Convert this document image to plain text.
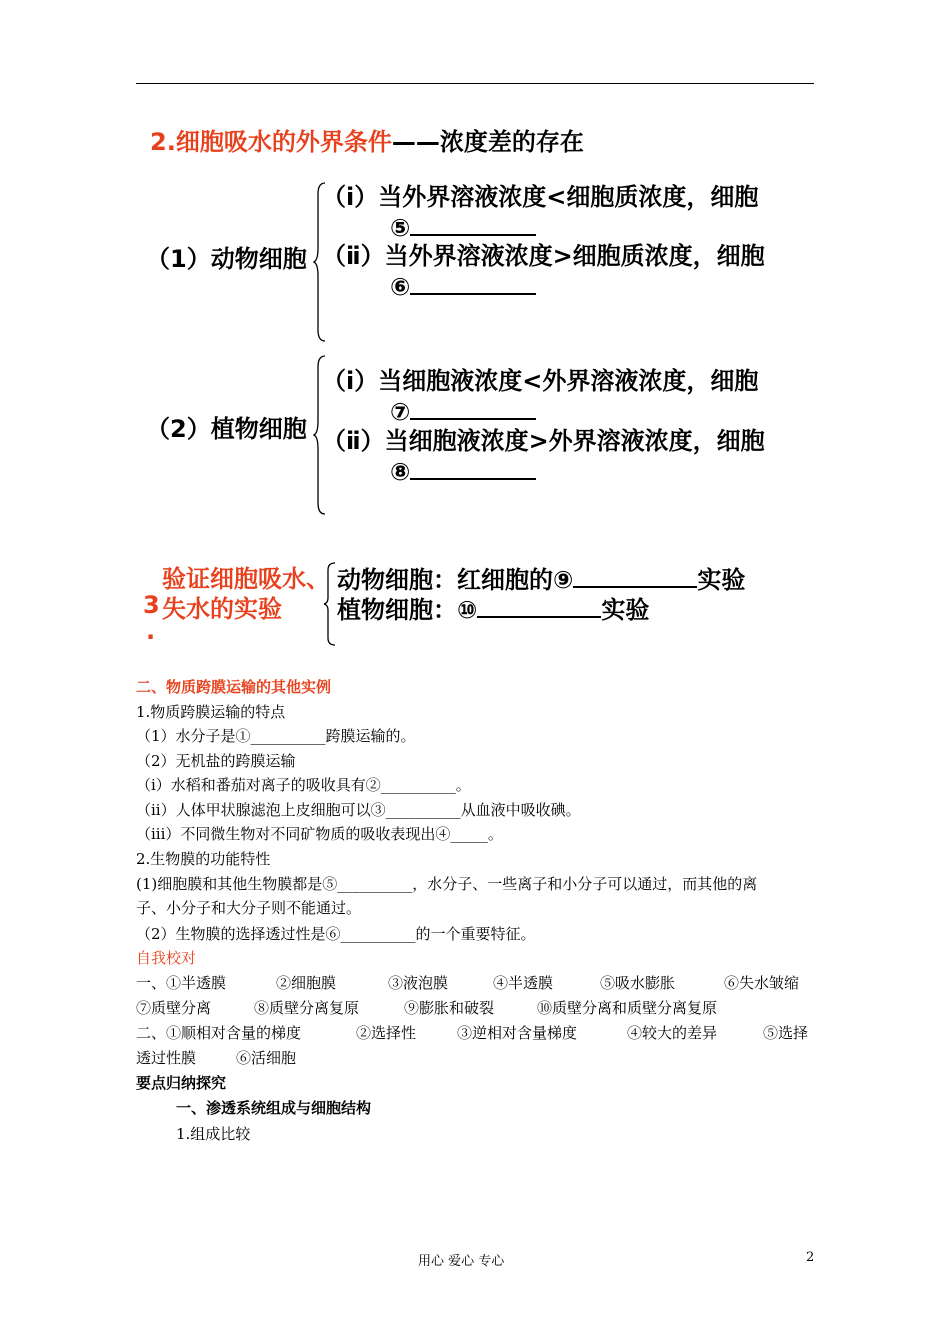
2.细胞吸水的外界条件——浓度差的存在
（1）动物细胞
（ⅰ）当外界溶液浓度<细胞质浓度，细胞
⑤
（ⅱ）当外界溶液浓度>细胞质浓度，细胞
⑥
（2）植物细胞
（ⅰ）当细胞液浓度<外界溶液浓度，细胞
⑦
（ⅱ）当细胞液浓度>外界溶液浓度，细胞
⑧
验证细胞吸水、
失水的实验
3
.
动物细胞：红细胞的⑨	实验
植物细胞：⑩	实验
二、物质跨膜运输的其他实例
1.物质跨膜运输的特点
（1）水分子是①__________跨膜运输的。
（2）无机盐的跨膜运输
（i）水稻和番茄对离子的吸收具有②__________。
（ii）人体甲状腺滤泡上皮细胞可以③__________从血液中吸收碘。
（iii）不同微生物对不同矿物质的吸收表现出④_____。
2.生物膜的功能特性
(1)细胞膜和其他生物膜都是⑤__________，水分子、一些离子和小分子可以通过，而其他的离
子、小分子和大分子则不能通过。
（2）生物膜的选择透过性是⑥__________的一个重要特征。
自我校对
一、①半透膜	②细胞膜	③液泡膜	④半透膜	⑤吸水膨胀	⑥失水皱缩
⑦质壁分离	⑧质壁分离复原	⑨膨胀和破裂	⑩质壁分离和质壁分离复原
二、①顺相对含量的梯度	②选择性	③逆相对含量梯度	④较大的差异	⑤选择
透过性膜	⑥活细胞
要点归纳探究
一、渗透系统组成与细胞结构
1.组成比较
用心 爱心 专心	2
